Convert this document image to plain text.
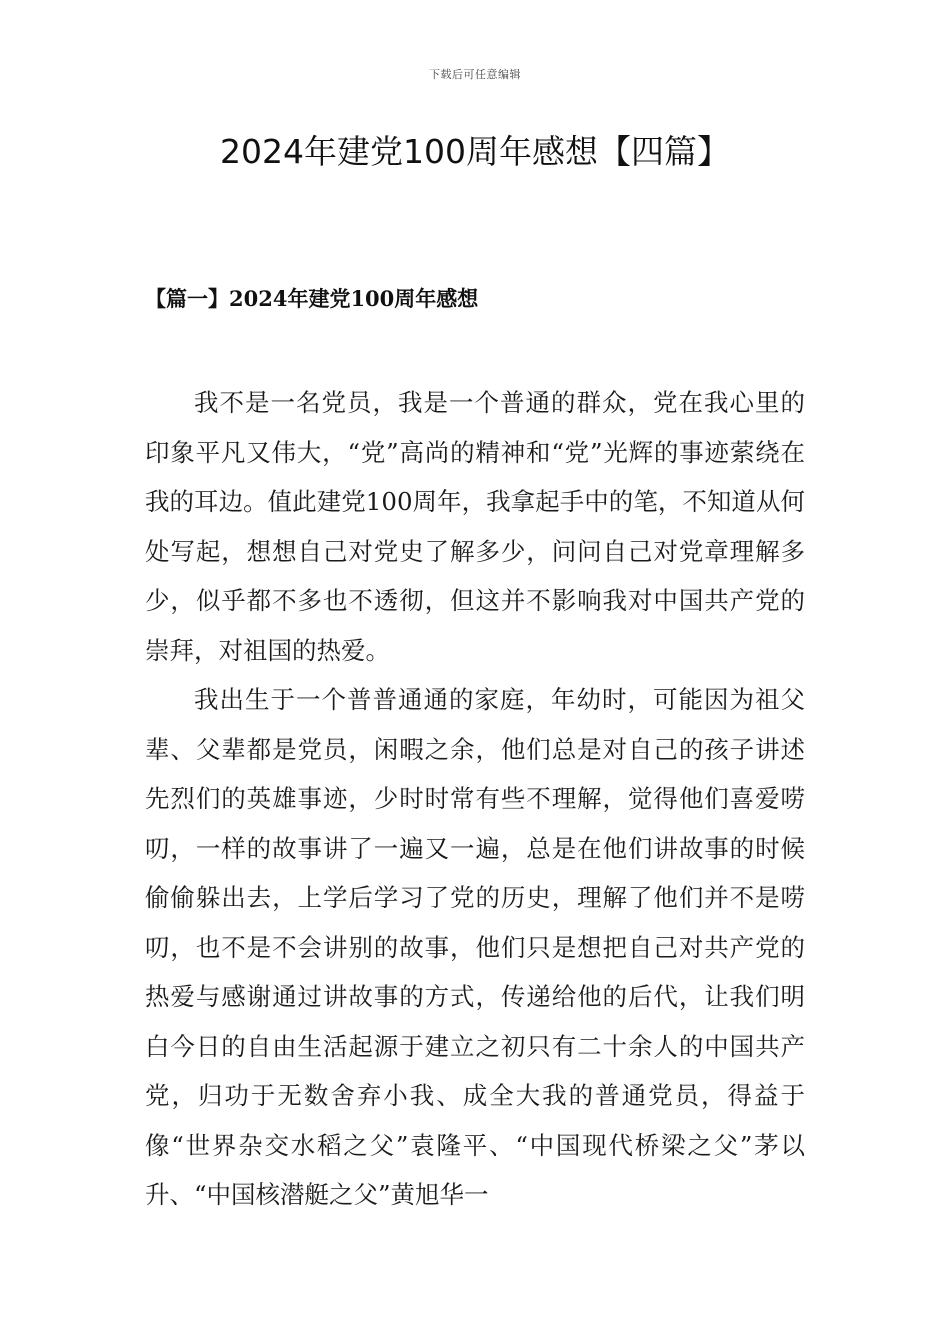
下载后可任意编辑
2024年建党100周年感想【四篇】
【篇一】2024年建党100周年感想

我不是一名党员，我是一个普通的群众，党在我心里的印象平凡又伟大，“党”高尚的精神和“党”光辉的事迹萦绕在我的耳边。值此建党100周年，我拿起手中的笔，不知道从何处写起，想想自己对党史了解多少，问问自己对党章理解多少，似乎都不多也不透彻，但这并不影响我对中国共产党的崇拜，对祖国的热爱。

我出生于一个普普通通的家庭，年幼时，可能因为祖父辈、父辈都是党员，闲暇之余，他们总是对自己的孩子讲述先烈们的英雄事迹，少时时常有些不理解，觉得他们喜爱唠叨，一样的故事讲了一遍又一遍，总是在他们讲故事的时候偷偷躲出去，上学后学习了党的历史，理解了他们并不是唠叨，也不是不会讲别的故事，他们只是想把自己对共产党的热爱与感谢通过讲故事的方式，传递给他的后代，让我们明白今日的自由生活起源于建立之初只有二十余人的中国共产党，归功于无数舍弃小我、成全大我的普通党员，得益于像“世界杂交水稻之父”袁隆平、“中国现代桥梁之父”茅以升、“中国核潜艇之父”黄旭华一
